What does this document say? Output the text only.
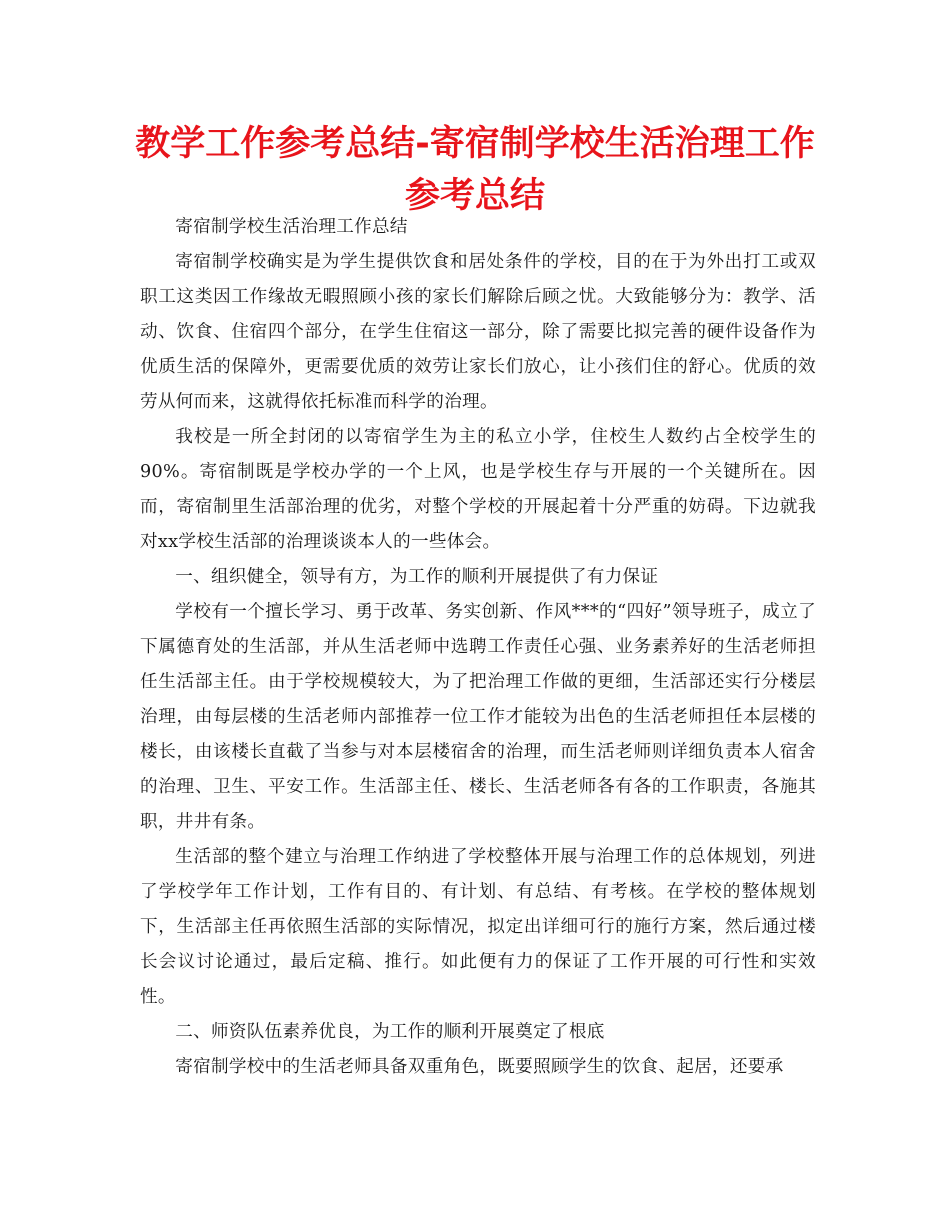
教学工作参考总结-寄宿制学校生活治理工作参考总结

寄宿制学校生活治理工作总结

寄宿制学校确实是为学生提供饮食和居处条件的学校，目的在于为外出打工或双职工这类因工作缘故无暇照顾小孩的家长们解除后顾之忧。大致能够分为：教学、活动、饮食、住宿四个部分，在学生住宿这一部分，除了需要比拟完善的硬件设备作为优质生活的保障外，更需要优质的效劳让家长们放心，让小孩们住的舒心。优质的效劳从何而来，这就得依托标准而科学的治理。

我校是一所全封闭的以寄宿学生为主的私立小学，住校生人数约占全校学生的90%。寄宿制既是学校办学的一个上风，也是学校生存与开展的一个关键所在。因而，寄宿制里生活部治理的优劣，对整个学校的开展起着十分严重的妨碍。下边就我对xx学校生活部的治理谈谈本人的一些体会。

一、组织健全，领导有方，为工作的顺利开展提供了有力保证

学校有一个擅长学习、勇于改革、务实创新、作风***的“四好”领导班子，成立了下属德育处的生活部，并从生活老师中选聘工作责任心强、业务素养好的生活老师担任生活部主任。由于学校规模较大，为了把治理工作做的更细，生活部还实行分楼层治理，由每层楼的生活老师内部推荐一位工作才能较为出色的生活老师担任本层楼的楼长，由该楼长直截了当参与对本层楼宿舍的治理，而生活老师则详细负责本人宿舍的治理、卫生、平安工作。生活部主任、楼长、生活老师各有各的工作职责，各施其职，井井有条。

生活部的整个建立与治理工作纳进了学校整体开展与治理工作的总体规划，列进了学校学年工作计划，工作有目的、有计划、有总结、有考核。在学校的整体规划下，生活部主任再依照生活部的实际情况，拟定出详细可行的施行方案，然后通过楼长会议讨论通过，最后定稿、推行。如此便有力的保证了工作开展的可行性和实效性。

二、师资队伍素养优良，为工作的顺利开展奠定了根底

寄宿制学校中的生活老师具备双重角色，既要照顾学生的饮食、起居，还要承
